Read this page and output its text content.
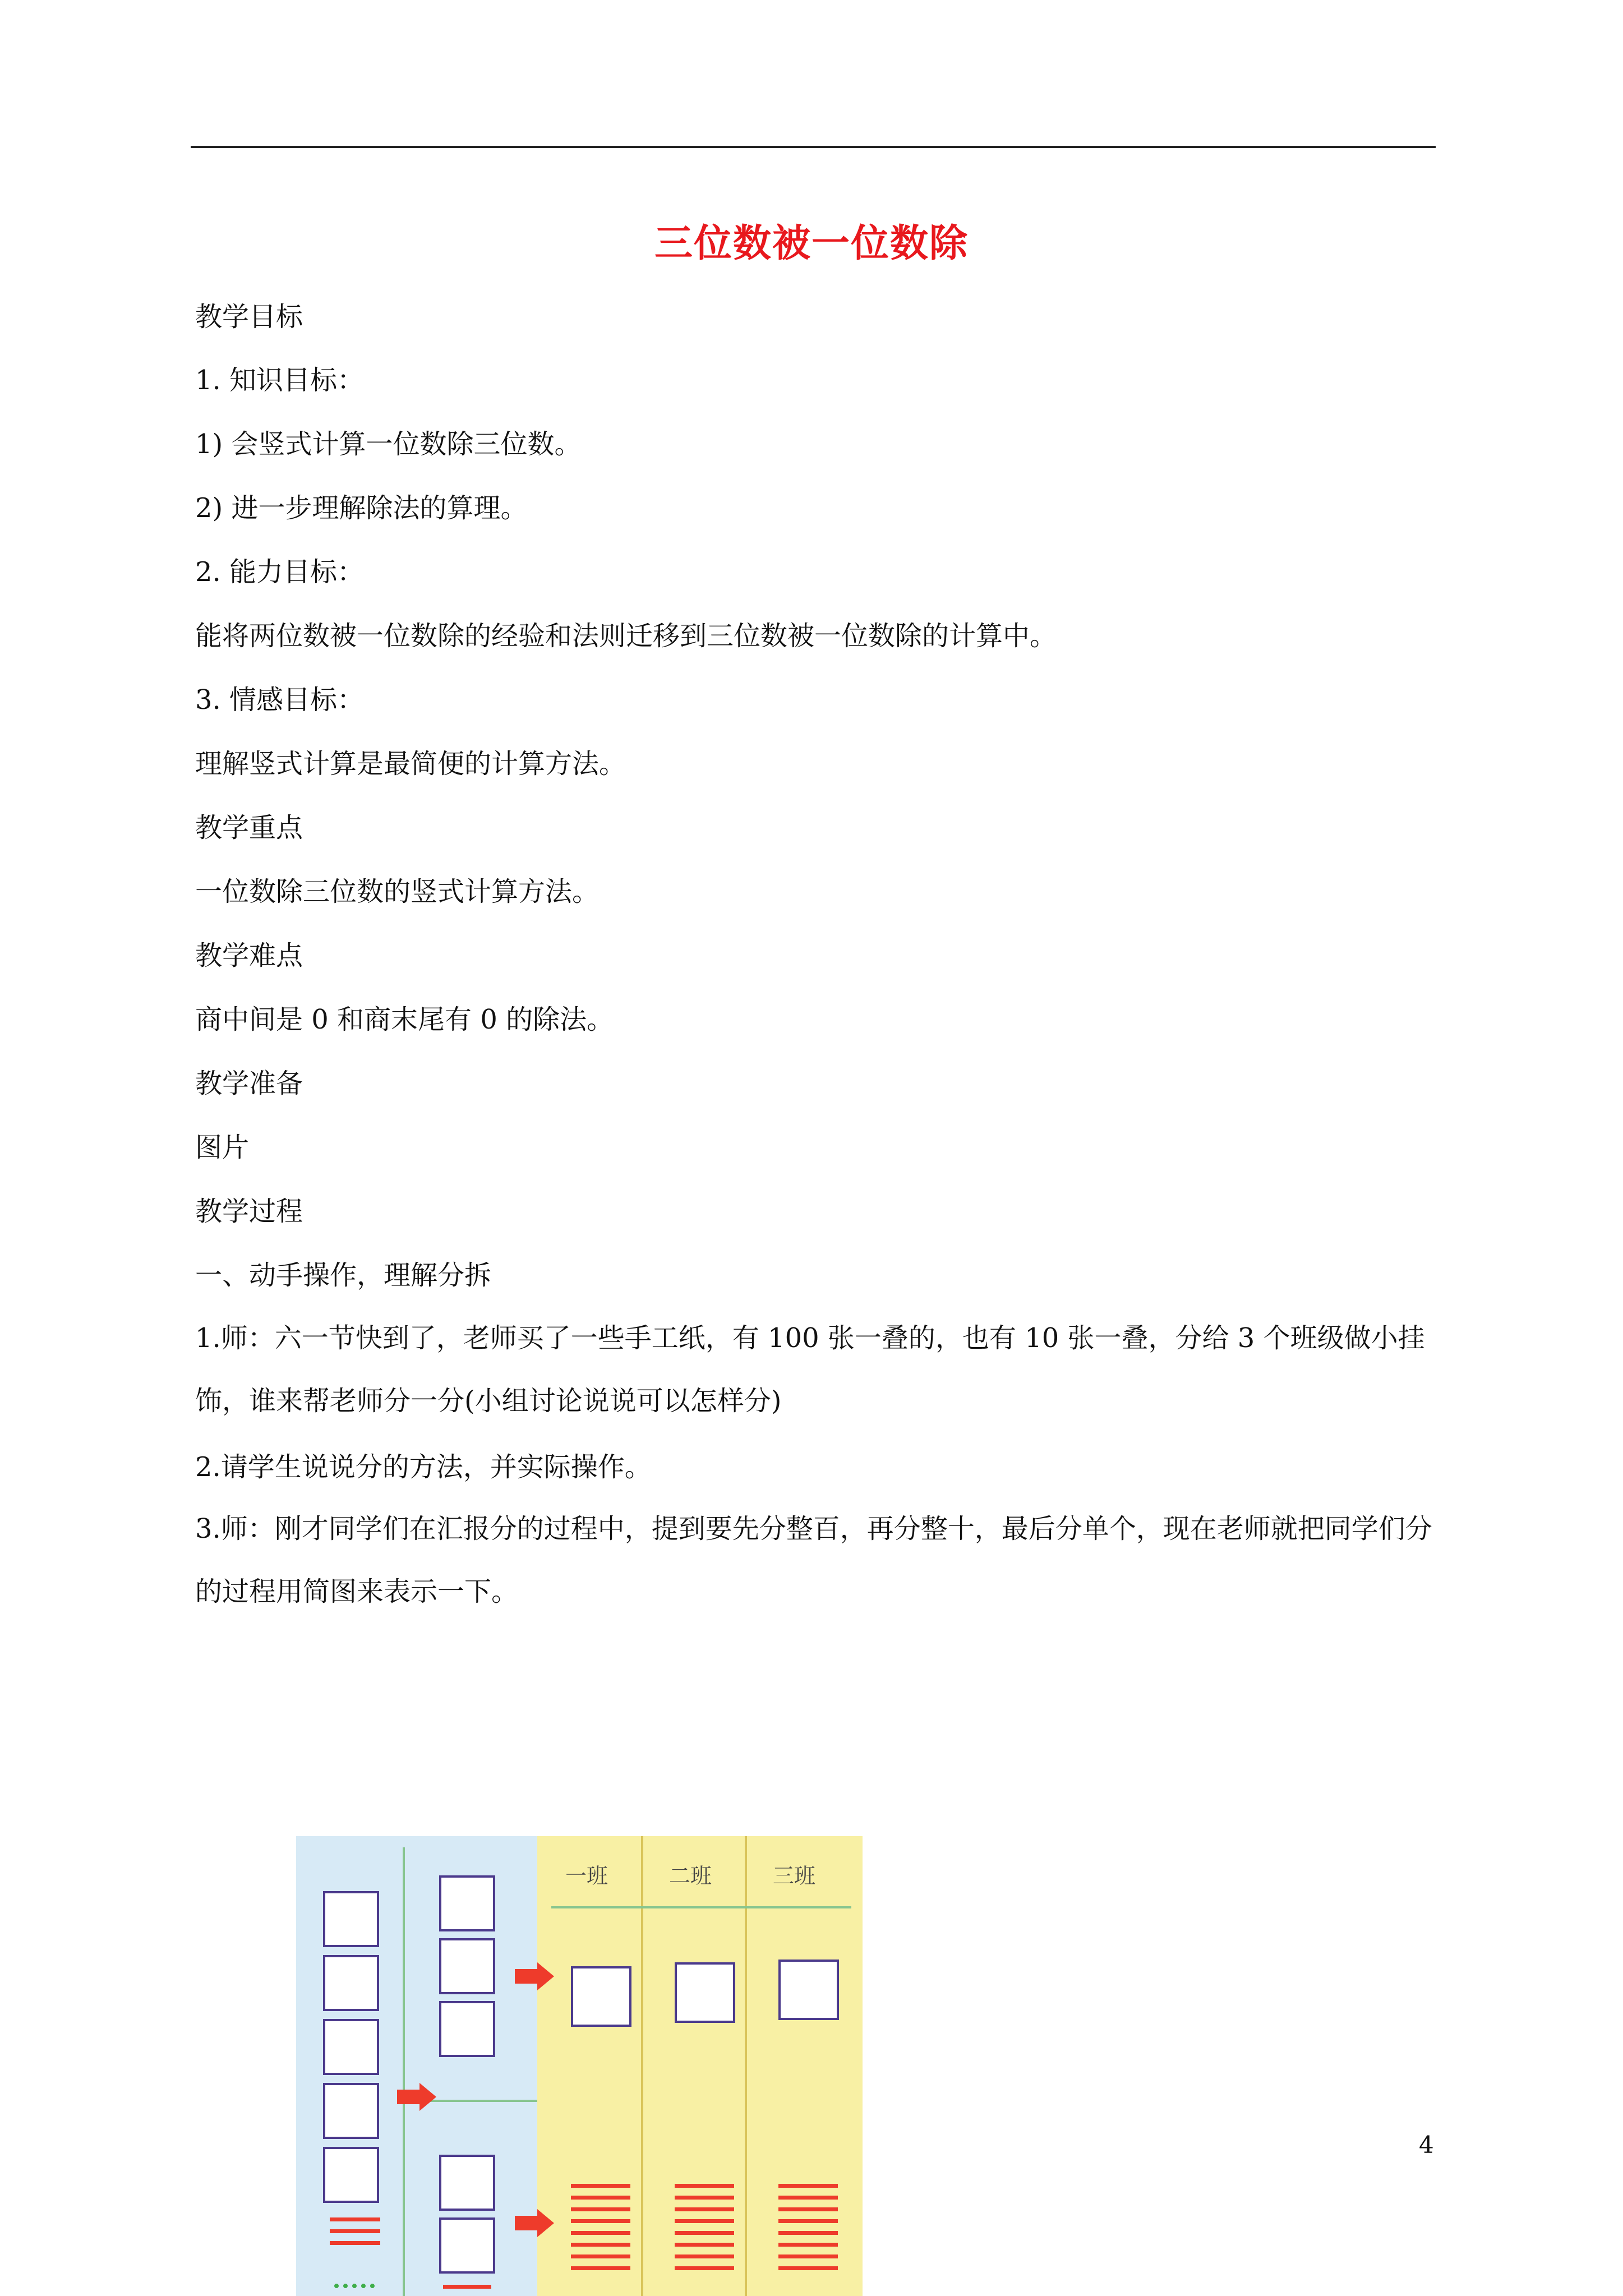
三位数被一位数除
教学目标
1. 知识目标：
1) 会竖式计算一位数除三位数。
2) 进一步理解除法的算理。
2. 能力目标：
能将两位数被一位数除的经验和法则迁移到三位数被一位数除的计算中。
3. 情感目标：
理解竖式计算是最简便的计算方法。
教学重点
一位数除三位数的竖式计算方法。
教学难点
商中间是 0 和商末尾有 0 的除法。
教学准备
图片
教学过程
一、动手操作，理解分拆
1.师：六一节快到了，老师买了一些手工纸，有 100 张一叠的，也有 10 张一叠，分给 3 个班级做小挂饰，谁来帮老师分一分(小组讨论说说可以怎样分)
2.请学生说说分的方法，并实际操作。
3.师：刚才同学们在汇报分的过程中，提到要先分整百，再分整十，最后分单个，现在老师就把同学们分的过程用简图来表示一下。
4
一班	二班	三班
